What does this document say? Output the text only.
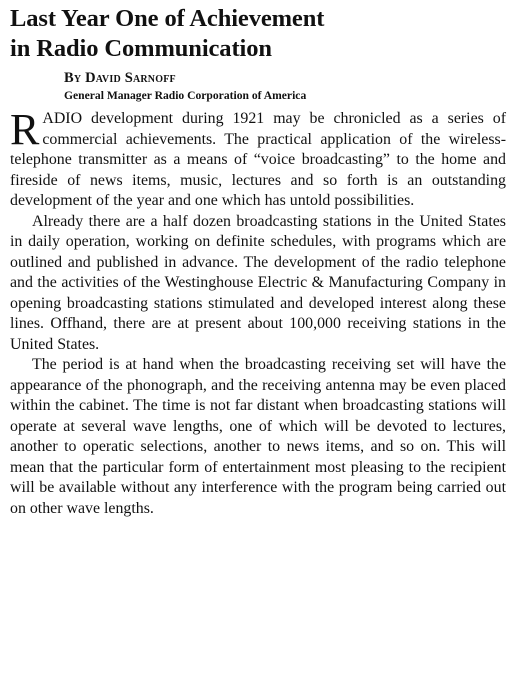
Last Year One of Achievement
in Radio Communication
By David Sarnoff
General Manager Radio Corporation of America

RADIO development during 1921 may be chronicled as a series of commercial achievements. The practical application of the wireless-telephone transmitter as a means of “voice broadcasting” to the home and fireside of news items, music, lectures and so forth is an outstanding development of the year and one which has untold possibilities.

Already there are a half dozen broadcasting stations in the United States in daily operation, working on definite schedules, with programs which are outlined and published in advance. The development of the radio telephone and the activities of the Westinghouse Electric & Manufacturing Company in opening broadcasting stations stimulated and developed interest along these lines. Offhand, there are at present about 100,000 receiving stations in the United States.

The period is at hand when the broadcasting receiving set will have the appearance of the phonograph, and the receiving antenna may be even placed within the cabinet. The time is not far distant when broadcasting stations will operate at several wave lengths, one of which will be devoted to lectures, another to operatic selections, another to news items, and so on. This will mean that the particular form of entertainment most pleasing to the recipient will be available without any interference with the program being carried out on other wave lengths.
